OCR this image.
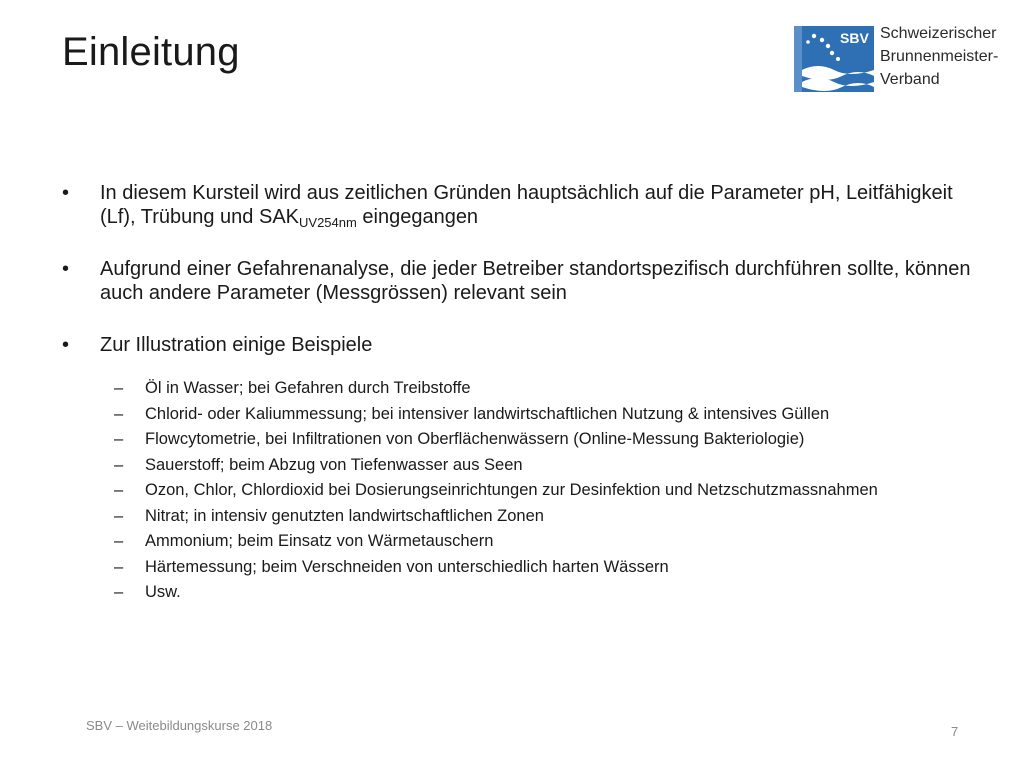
Einleitung	SBV Schweizerischer
Brunnenmeister-
Verband
• In diesem Kursteil wird aus zeitlichen Gründen hauptsächlich auf die Parameter pH, Leitfähigkeit (Lf), Trübung und $SAK_{UV254nm}$ eingegangen
• Aufgrund einer Gefahrenanalyse, die jeder Betreiber standortspezifisch durchführen sollte, können auch andere Parameter (Messgrössen) relevant sein
• Zur Illustration einige Beispiele
– Öl in Wasser; bei Gefahren durch Treibstoffe
– Chlorid- oder Kaliummessung; bei intensiver landwirtschaftlichen Nutzung & intensives Güllen
– Flowcytometrie, bei Infiltrationen von Oberflächenwässern (Online-Messung Bakteriologie)
– Sauerstoff; beim Abzug von Tiefenwasser aus Seen
– Ozon, Chlor, Chlordioxid bei Dosierungseinrichtungen zur Desinfektion und Netzschutzmassnahmen
– Nitrat; in intensiv genutzten landwirtschaftlichen Zonen
– Ammonium; beim Einsatz von Wärmetauschern
– Härtemessung; beim Verschneiden von unterschiedlich harten Wässern
– Usw.
SBV – Weitebildungskurse 2018	7
